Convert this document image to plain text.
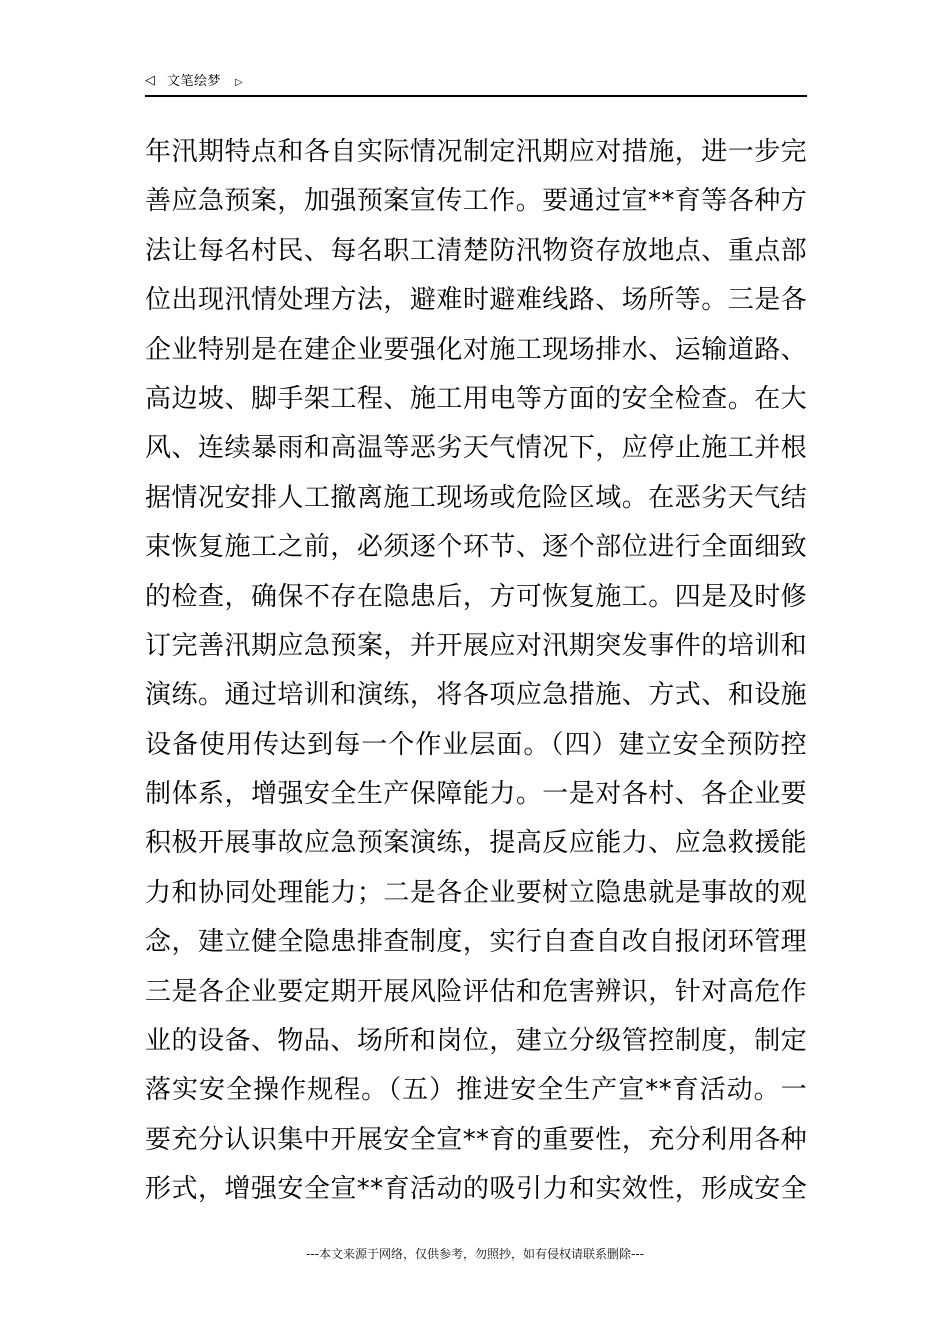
◁ 文笔绘梦 ▷
年汛期特点和各自实际情况制定汛期应对措施，进一步完
善应急预案，加强预案宣传工作。要通过宣**育等各种方
法让每名村民、每名职工清楚防汛物资存放地点、重点部
位出现汛情处理方法，避难时避难线路、场所等。三是各
企业特别是在建企业要强化对施工现场排水、运输道路、
高边坡、脚手架工程、施工用电等方面的安全检查。在大
风、连续暴雨和高温等恶劣天气情况下，应停止施工并根
据情况安排人工撤离施工现场或危险区域。在恶劣天气结
束恢复施工之前，必须逐个环节、逐个部位进行全面细致
的检查，确保不存在隐患后，方可恢复施工。四是及时修
订完善汛期应急预案，并开展应对汛期突发事件的培训和
演练。通过培训和演练，将各项应急措施、方式、和设施
设备使用传达到每一个作业层面。（四）建立安全预防控
制体系，增强安全生产保障能力。一是对各村、各企业要
积极开展事故应急预案演练，提高反应能力、应急救援能
力和协同处理能力；二是各企业要树立隐患就是事故的观
念，建立健全隐患排查制度，实行自查自改自报闭环管理
三是各企业要定期开展风险评估和危害辨识，针对高危作
业的设备、物品、场所和岗位，建立分级管控制度，制定
落实安全操作规程。（五）推进安全生产宣**育活动。一
要充分认识集中开展安全宣**育的重要性，充分利用各种
形式，增强安全宣**育活动的吸引力和实效性，形成安全
---本文来源于网络，仅供参考，勿照抄，如有侵权请联系删除---
